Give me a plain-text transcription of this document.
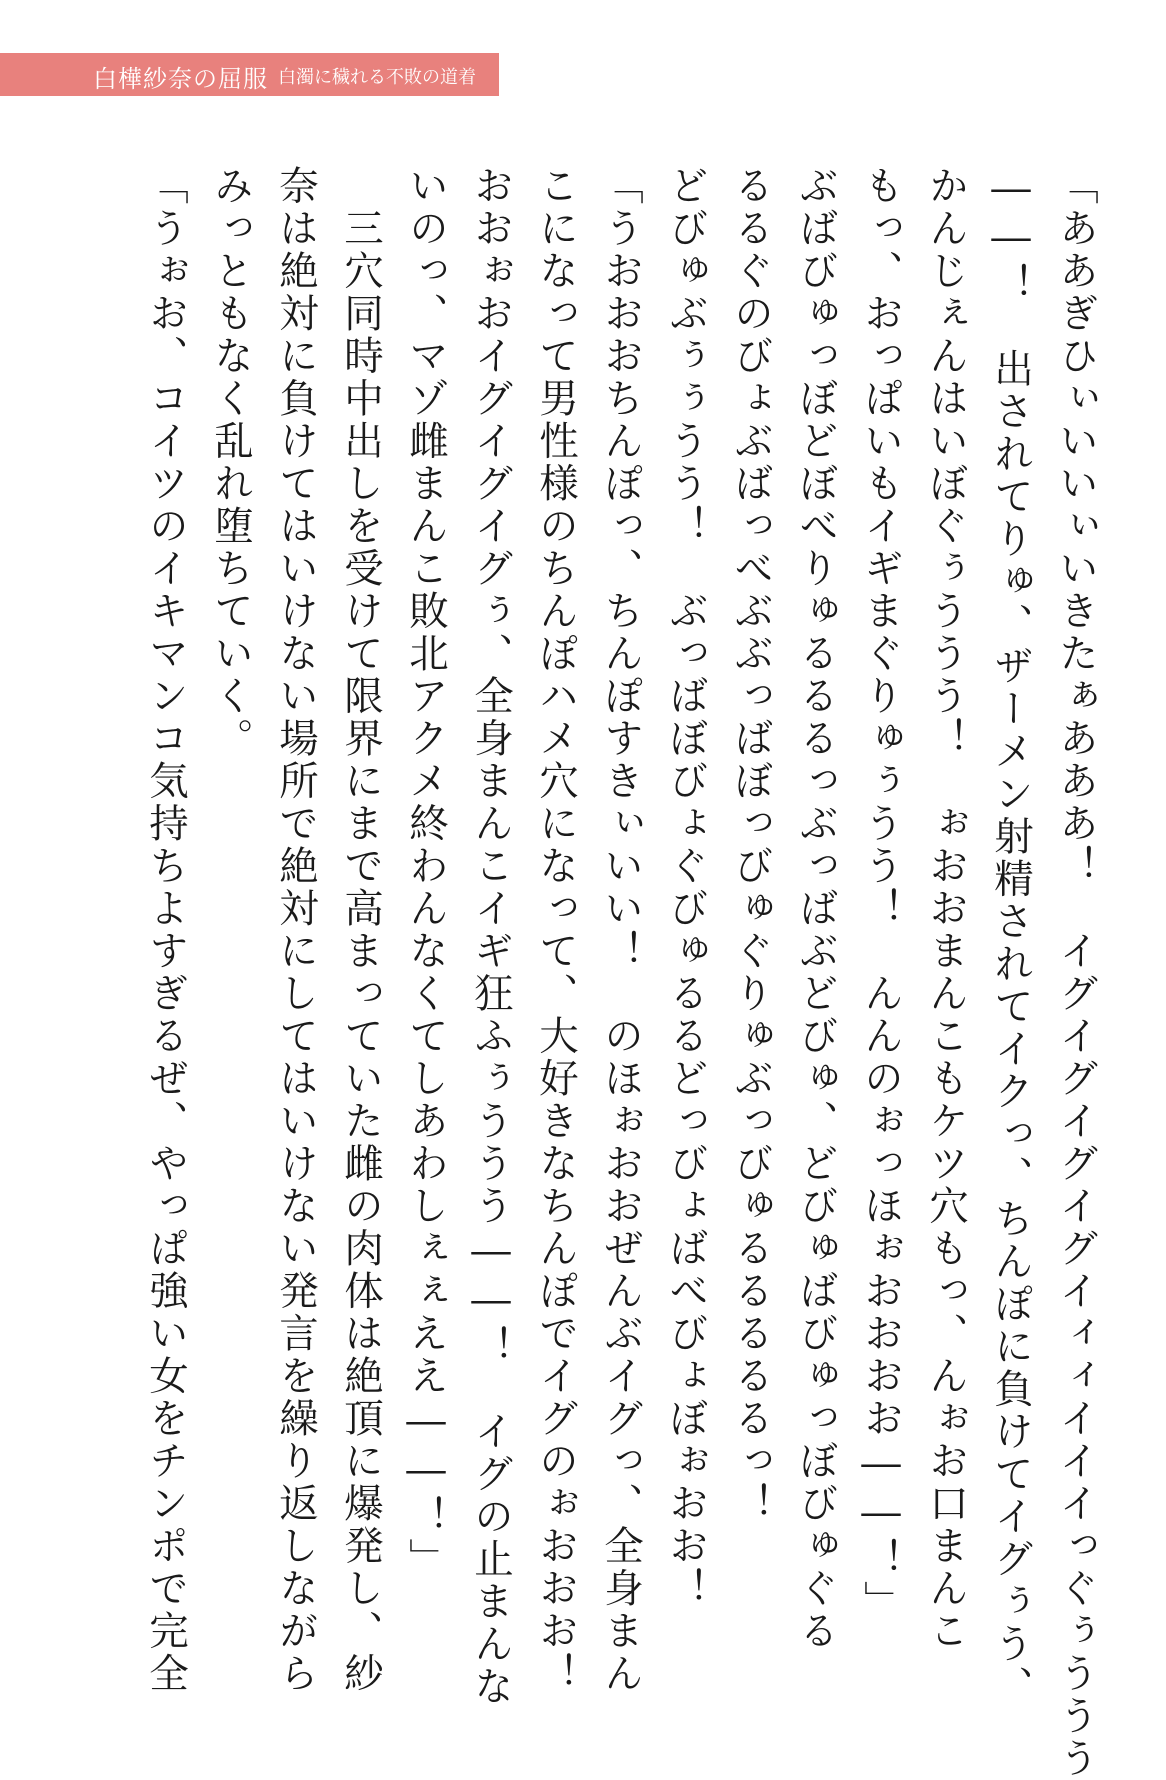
白樺紗奈の屈服 白濁に穢れる不敗の道着

「ああぎひぃいいぃいきたぁあああ！　イグイグイグイグイィィイイイっぐぅううう

――！　出されてりゅ、ザーメン射精されてイクっ、ちんぽに負けてイグぅう、

かんじぇんはいぼぐぅううう！　ぉおおまんこもケツ穴もっ、んぉお口まんこ

もっ、おっぱいもイギまぐりゅぅうう！　んんのぉっほぉおおおお――！」

ぶばびゅっぼどぼべりゅるるるっぶっばぶどびゅ、どびゅばびゅっぼびゅぐる

るるぐのびょぶばっべぶぶっばぼっびゅぐりゅぶっびゅるるるるるっ！

どびゅぶぅぅうう！　ぶっばぼびょぐびゅるるどっびょばべびょぼぉおお！

「うおおおちんぽっ、ちんぽすきぃいい！　のほぉおおぜんぶイグっ、全身まん

こになって男性様のちんぽハメ穴になって、大好きなちんぽでイグのぉおおお！

おおぉおイグイグイグぅ、全身まんこイギ狂ふぅううう――！　イグの止まんな

いのっ、マゾ雌まんこ敗北アクメ終わんなくてしあわしぇぇええ――！」

　三穴同時中出しを受けて限界にまで高まっていた雌の肉体は絶頂に爆発し、紗

奈は絶対に負けてはいけない場所で絶対にしてはいけない発言を繰り返しながら

みっともなく乱れ堕ちていく。

「うぉお、コイツのイキマンコ気持ちよすぎるぜ、やっぱ強い女をチンポで完全
